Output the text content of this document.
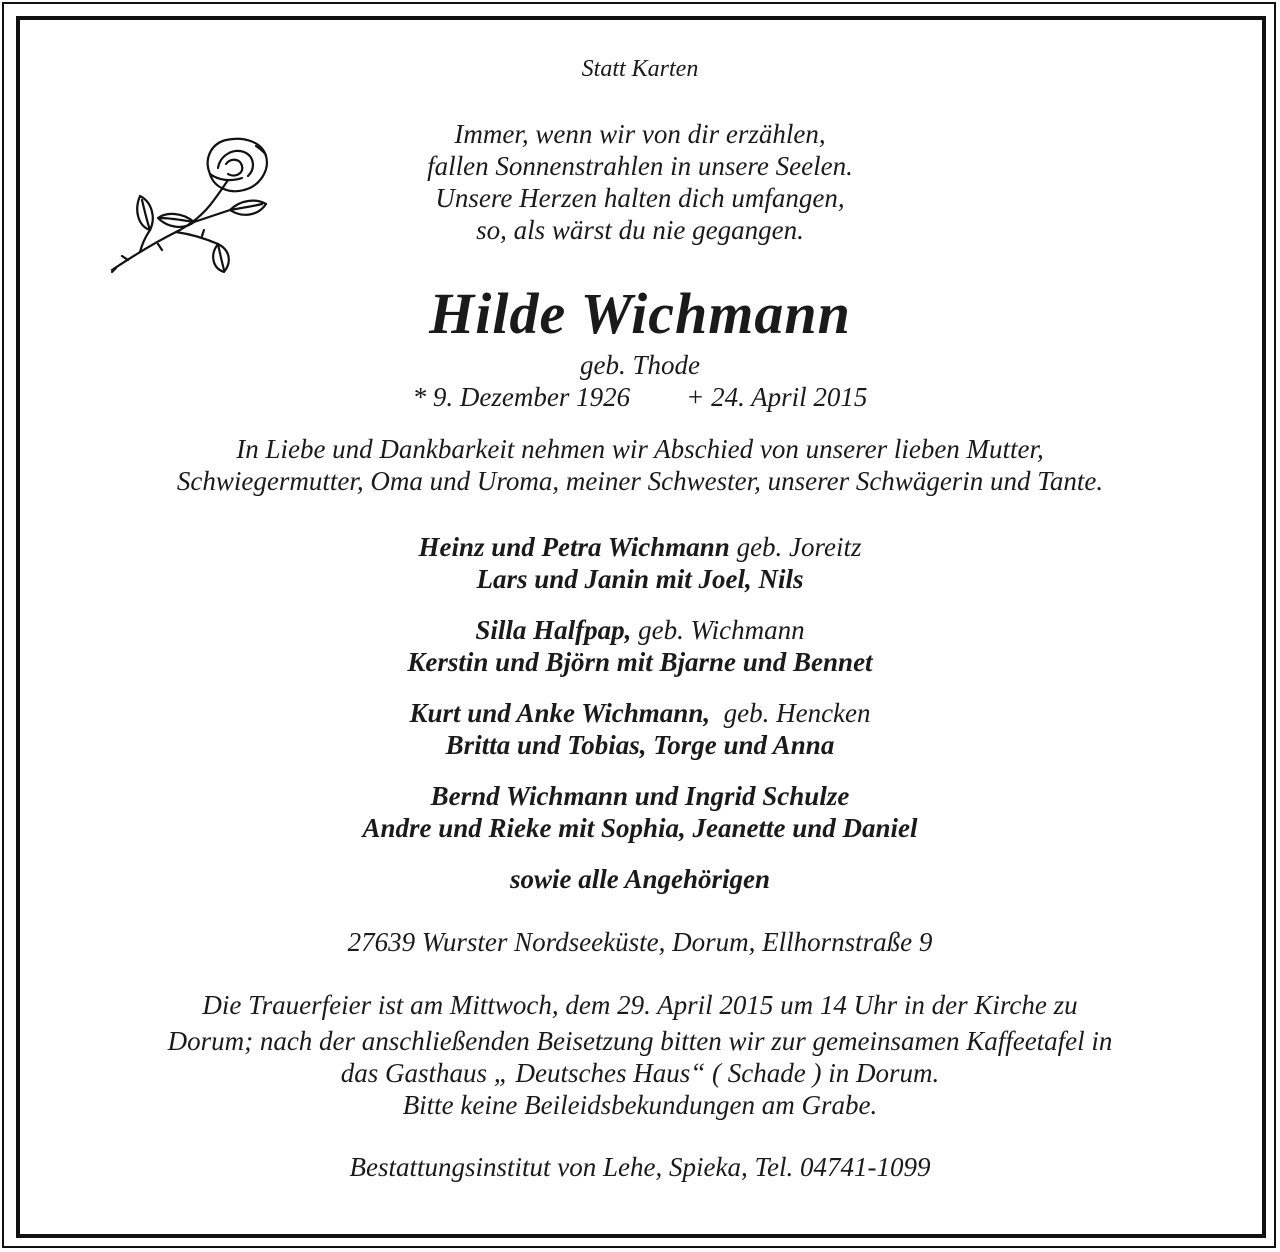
Statt Karten
Immer, wenn wir von dir erzählen,
fallen Sonnenstrahlen in unsere Seelen.
Unsere Herzen halten dich umfangen,
so, als wärst du nie gegangen.
Hilde Wichmann
geb. Thode
* 9. Dezember 1926 + 24. April 2015
In Liebe und Dankbarkeit nehmen wir Abschied von unserer lieben Mutter,
Schwiegermutter, Oma und Uroma, meiner Schwester, unserer Schwägerin und Tante.
Heinz und Petra Wichmann geb. Joreitz
Lars und Janin mit Joel, Nils
Silla Halfpap, geb. Wichmann
Kerstin und Björn mit Bjarne und Bennet
Kurt und Anke Wichmann, geb. Hencken
Britta und Tobias, Torge und Anna
Bernd Wichmann und Ingrid Schulze
Andre und Rieke mit Sophia, Jeanette und Daniel
sowie alle Angehörigen
27639 Wurster Nordseeküste, Dorum, Ellhornstraße 9
Die Trauerfeier ist am Mittwoch, dem 29. April 2015 um 14 Uhr in der Kirche zu
Dorum; nach der anschließenden Beisetzung bitten wir zur gemeinsamen Kaffeetafel in
das Gasthaus „ Deutsches Haus“ ( Schade ) in Dorum.
Bitte keine Beileidsbekundungen am Grabe.
Bestattungsinstitut von Lehe, Spieka, Tel. 04741-1099
